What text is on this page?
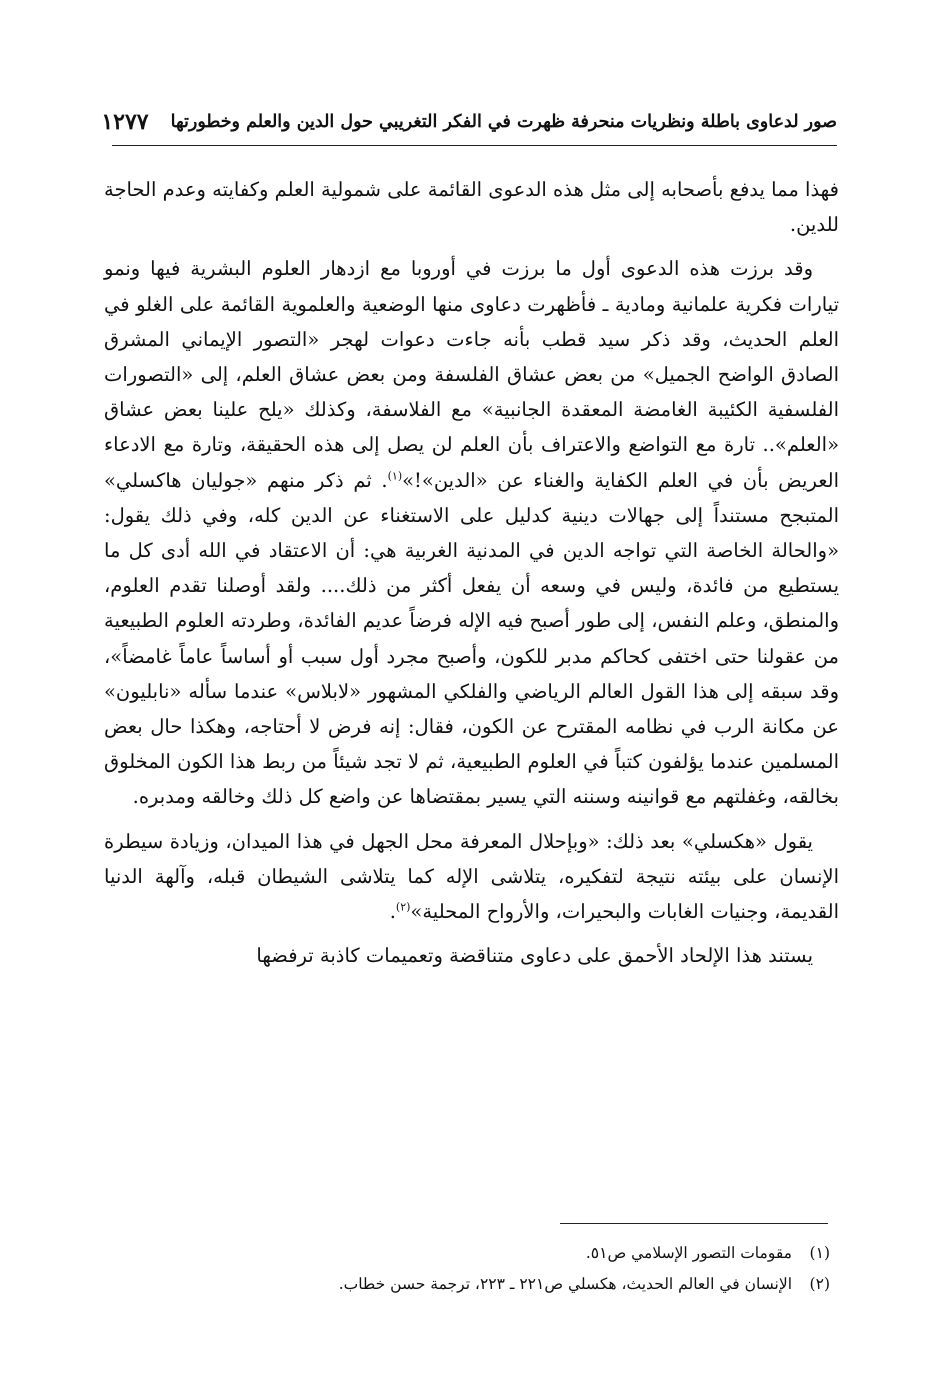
صور لدعاوى باطلة ونظريات منحرفة ظهرت في الفكر التغريبي حول الدين والعلم وخطورتها
١٢٧٧

فهذا مما يدفع بأصحابه إلى مثل هذه الدعوى القائمة على شمولية العلم وكفايته وعدم الحاجة للدين.

وقد برزت هذه الدعوى أول ما برزت في أوروبا مع ازدهار العلوم البشرية فيها ونمو تيارات فكرية علمانية ومادية ـ فأظهرت دعاوى منها الوضعية والعلموية القائمة على الغلو في العلم الحديث، وقد ذكر سيد قطب بأنه جاءت دعوات لهجر «التصور الإيماني المشرق الصادق الواضح الجميل» من بعض عشاق الفلسفة ومن بعض عشاق العلم، إلى «التصورات الفلسفية الكئيبة الغامضة المعقدة الجانبية» مع الفلاسفة، وكذلك «يلح علينا بعض عشاق «العلم».. تارة مع التواضع والاعتراف بأن العلم لن يصل إلى هذه الحقيقة، وتارة مع الادعاء العريض بأن في العلم الكفاية والغناء عن «الدين»!»$^{(١)}$. ثم ذكر منهم «جوليان هاكسلي» المتبجح مستنداً إلى جهالات دينية كدليل على الاستغناء عن الدين كله، وفي ذلك يقول: «والحالة الخاصة التي تواجه الدين في المدنية الغربية هي: أن الاعتقاد في الله أدى كل ما يستطيع من فائدة، وليس في وسعه أن يفعل أكثر من ذلك.... ولقد أوصلنا تقدم العلوم، والمنطق، وعلم النفس، إلى طور أصبح فيه الإله فرضاً عديم الفائدة، وطردته العلوم الطبيعية من عقولنا حتى اختفى كحاكم مدبر للكون، وأصبح مجرد أول سبب أو أساساً عاماً غامضاً»، وقد سبقه إلى هذا القول العالم الرياضي والفلكي المشهور «لابلاس» عندما سأله «نابليون» عن مكانة الرب في نظامه المقترح عن الكون، فقال: إنه فرض لا أحتاجه، وهكذا حال بعض المسلمين عندما يؤلفون كتباً في العلوم الطبيعية، ثم لا تجد شيئاً من ربط هذا الكون المخلوق بخالقه، وغفلتهم مع قوانينه وسننه التي يسير بمقتضاها عن واضع كل ذلك وخالقه ومدبره.

يقول «هكسلي» بعد ذلك: «وبإحلال المعرفة محل الجهل في هذا الميدان، وزيادة سيطرة الإنسان على بيئته نتيجة لتفكيره، يتلاشى الإله كما يتلاشى الشيطان قبله، وآلهة الدنيا القديمة، وجنيات الغابات والبحيرات، والأرواح المحلية»$^{(٢)}$.

يستند هذا الإلحاد الأحمق على دعاوى متناقضة وتعميمات كاذبة ترفضها

(١)
مقومات التصور الإسلامي ص٥١.
(٢)
الإنسان في العالم الحديث، هكسلي ص٢٢١ ـ ٢٢٣، ترجمة حسن خطاب.
